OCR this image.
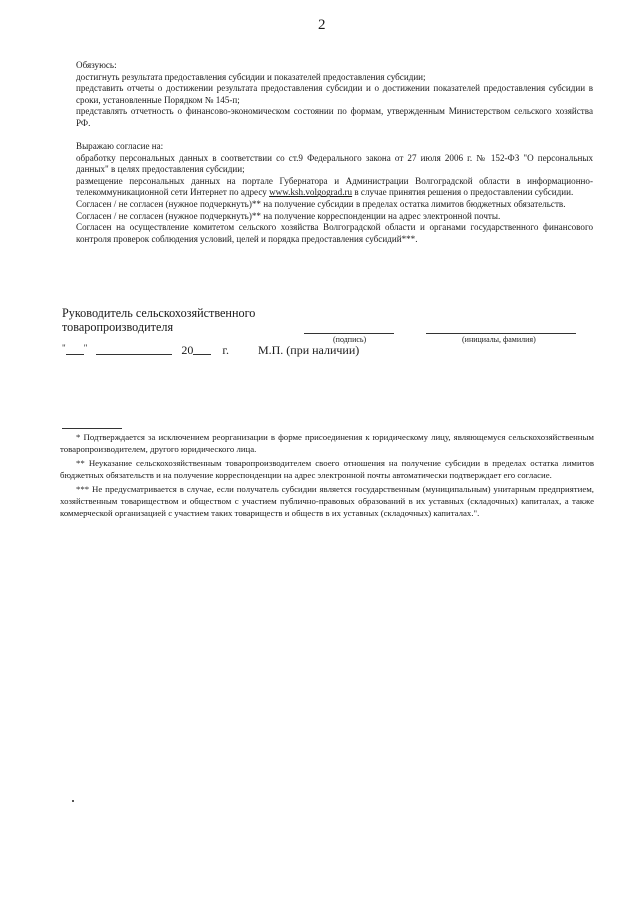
2

Обязуюсь:

достигнуть результата предоставления субсидии и показателей предоставления субсидии;

представить отчеты о достижении результата предоставления субсидии и о достижении показателей предоставления субсидии в сроки, установленные Порядком № 145-п;

представлять отчетность о финансово-экономическом состоянии по формам, утвержденным Министерством сельского хозяйства РФ.

Выражаю согласие на:

обработку персональных данных в соответствии со ст.9 Федерального закона от 27 июля 2006 г. № 152-ФЗ "О персональных данных" в целях предоставления субсидии;

размещение персональных данных на портале Губернатора и Администрации Волгоградской области в информационно-телекоммуникационной сети Интернет по адресу www.ksh.volgograd.ru в случае принятия решения о предоставлении субсидии.

Согласен / не согласен (нужное подчеркнуть)** на получение субсидии в пределах остатка лимитов бюджетных обязательств.

Согласен / не согласен (нужное подчеркнуть)** на получение корреспонденции на адрес электронной почты.

Согласен на осуществление комитетом сельского хозяйства Волгоградской области и органами государственного финансового контроля проверок соблюдения условий, целей и порядка предоставления субсидий***.

Руководитель сельскохозяйственного
товаропроизводителя
(подпись)	(инициалы, фамилия)
" "	20 г. М.П. (при наличии)

* Подтверждается за исключением реорганизации в форме присоединения к юридическому лицу, являющемуся сельскохозяйственным товаропроизводителем, другого юридического лица.

** Неуказание сельскохозяйственным товаропроизводителем своего отношения на получение субсидии в пределах остатка лимитов бюджетных обязательств и на получение корреспонденции на адрес электронной почты автоматически подтверждает его согласие.

*** Не предусматривается в случае, если получатель субсидии является государственным (муниципальным) унитарным предприятием, хозяйственным товариществом и обществом с участием публично-правовых образований в их уставных (складочных) капиталах, а также коммерческой организацией с участием таких товариществ и обществ в их уставных (складочных) капиталах.".
